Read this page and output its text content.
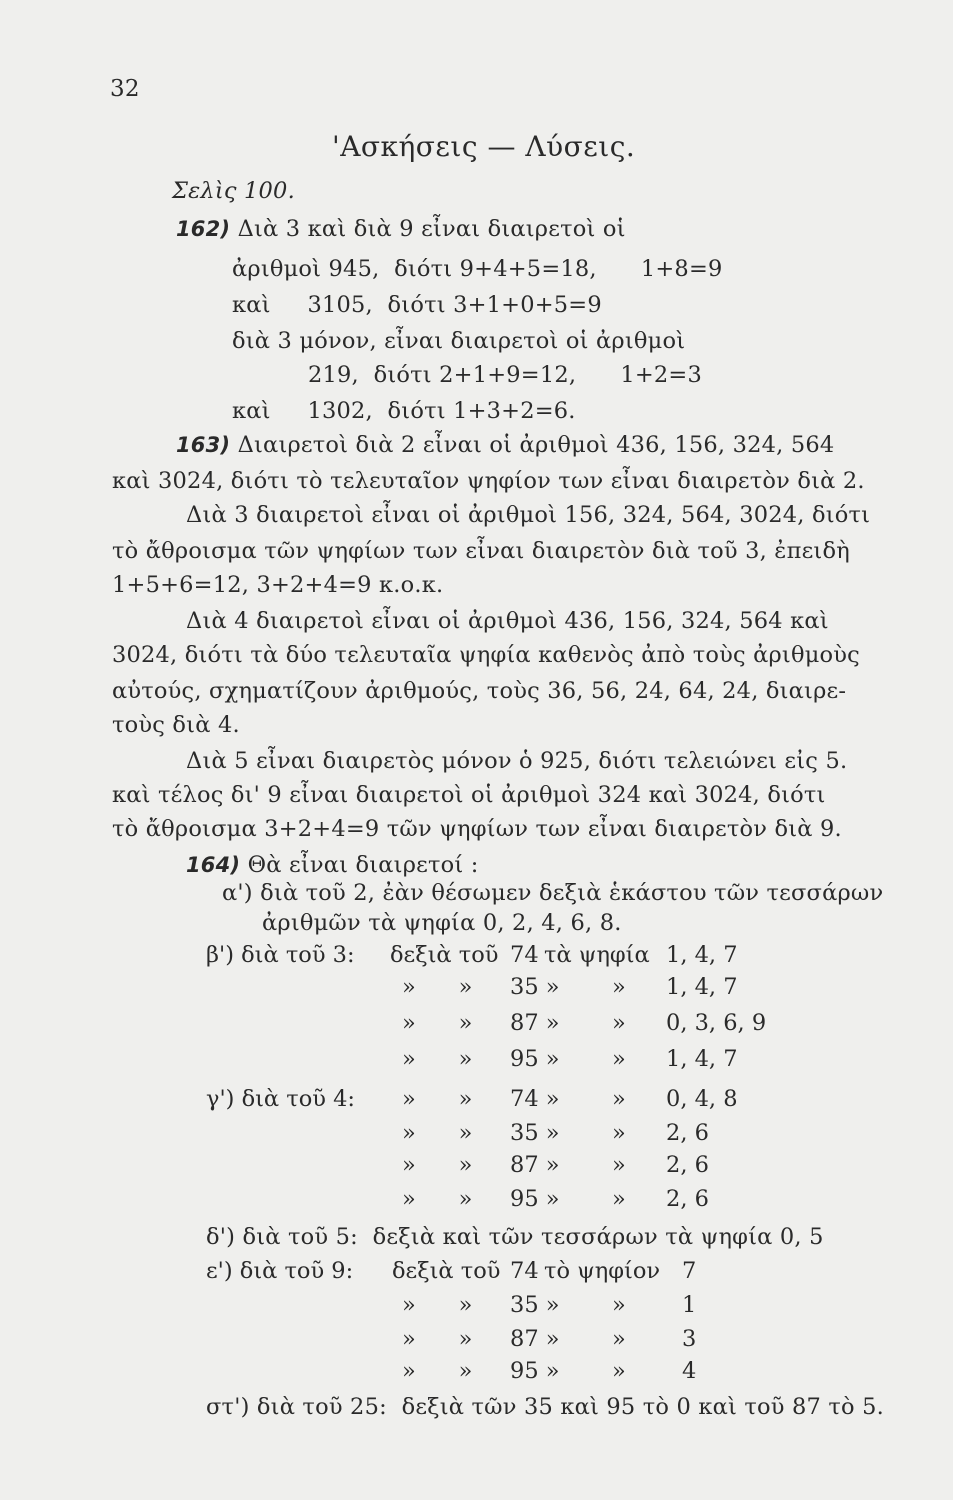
32
'Ασκήσεις — Λύσεις.
Σελὶς 100.
162) Διὰ 3 καὶ διὰ 9 εἶναι διαιρετοὶ οἱ
ἀριθμοὶ 945,  διότι 9+4+5=18,      1+8=9
καὶ     3105,  διότι 3+1+0+5=9
διὰ 3 μόνον, εἶναι διαιρετοὶ οἱ ἀριθμοὶ
219,  διότι 2+1+9=12,      1+2=3
καὶ     1302,  διότι 1+3+2=6.
163) Διαιρετοὶ διὰ 2 εἶναι οἱ ἀριθμοὶ 436, 156, 324, 564
καὶ 3024, διότι τὸ τελευταῖον ψηφίον των εἶναι διαιρετὸν διὰ 2.
Διὰ 3 διαιρετοὶ εἶναι οἱ ἀριθμοὶ 156, 324, 564, 3024, διότι
τὸ ἄθροισμα τῶν ψηφίων των εἶναι διαιρετὸν διὰ τοῦ 3, ἐπειδὴ
1+5+6=12, 3+2+4=9 κ.ο.κ.
Διὰ 4 διαιρετοὶ εἶναι οἱ ἀριθμοὶ 436, 156, 324, 564 καὶ
3024, διότι τὰ δύο τελευταῖα ψηφία καθενὸς ἀπὸ τοὺς ἀριθμοὺς
αὐτούς, σχηματίζουν ἀριθμούς, τοὺς 36, 56, 24, 64, 24, διαιρε-
τοὺς διὰ 4.
Διὰ 5 εἶναι διαιρετὸς μόνον ὁ 925, διότι τελειώνει εἰς 5.
καὶ τέλος δι' 9 εἶναι διαιρετοὶ οἱ ἀριθμοὶ 324 καὶ 3024, διότι
τὸ ἄθροισμα 3+2+4=9 τῶν ψηφίων των εἶναι διαιρετὸν διὰ 9.
164) Θὰ εἶναι διαιρετοί :
α') διὰ τοῦ 2, ἐὰν θέσωμεν δεξιὰ ἑκάστου τῶν τεσσάρων
ἀριθμῶν τὰ ψηφία 0, 2, 4, 6, 8.
β') διὰ τοῦ 3: δεξιὰ τοῦ 74 τὰ ψηφία 1, 4, 7
»      » 35 » » 1, 4, 7
»      » 87 » » 0, 3, 6, 9
»      » 95 » » 1, 4, 7
γ') διὰ τοῦ 4: »      » 74 » » 0, 4, 8
»      » 35 » » 2, 6
»      » 87 » » 2, 6
»      » 95 » » 2, 6
δ') διὰ τοῦ 5:  δεξιὰ καὶ τῶν τεσσάρων τὰ ψηφία 0, 5
ε') διὰ τοῦ 9: δεξιὰ τοῦ 74 τὸ ψηφίον 7
»      » 35 » » 1
»      » 87 » » 3
»      » 95 » » 4
στ') διὰ τοῦ 25:  δεξιὰ τῶν 35 καὶ 95 τὸ 0 καὶ τοῦ 87 τὸ 5.
